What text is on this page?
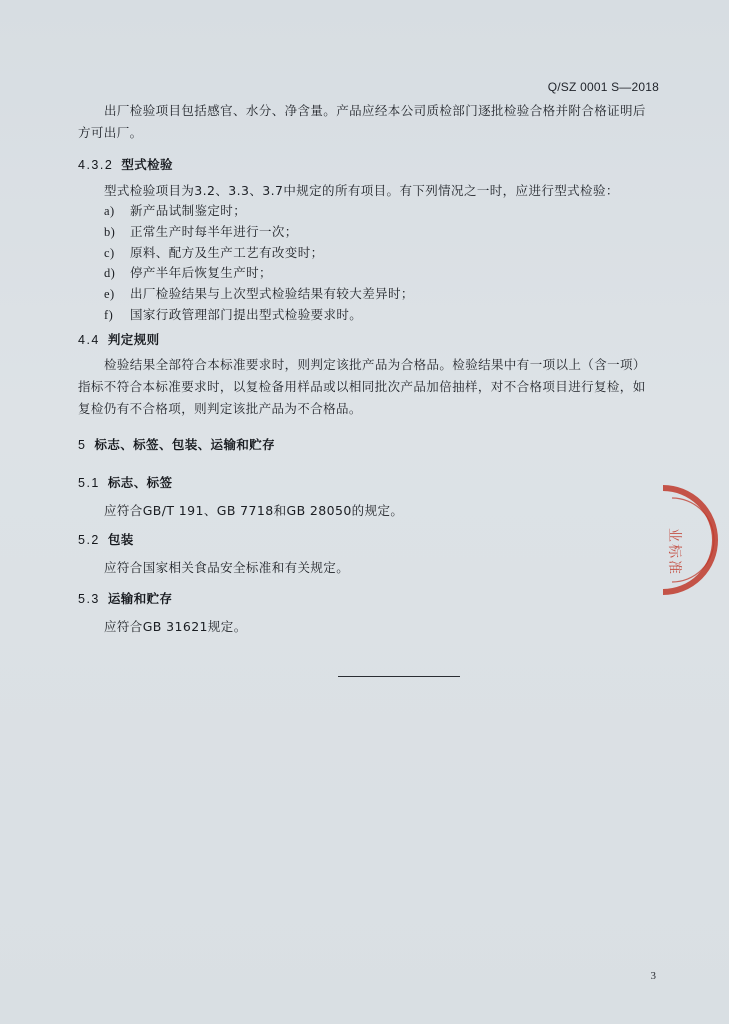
Q/SZ 0001 S—2018

出厂检验项目包括感官、水分、净含量。产品应经本公司质检部门逐批检验合格并附合格证明后方可出厂。

4.3.2 型式检验

型式检验项目为3.2、3.3、3.7中规定的所有项目。有下列情况之一时，应进行型式检验：

a)	新产品试制鉴定时；
b)	正常生产时每半年进行一次；
c)	原料、配方及生产工艺有改变时；
d)	停产半年后恢复生产时；
e)	出厂检验结果与上次型式检验结果有较大差异时；
f)	国家行政管理部门提出型式检验要求时。
4.4 判定规则

检验结果全部符合本标准要求时，则判定该批产品为合格品。检验结果中有一项以上（含一项）指标不符合本标准要求时，以复检备用样品或以相同批次产品加倍抽样，对不合格项目进行复检，如复检仍有不合格项，则判定该批产品为不合格品。

5 标志、标签、包装、运输和贮存
5.1 标志、标签
应符合GB/T 191、GB 7718和GB 28050的规定。
5.2 包装
应符合国家相关食品安全标准和有关规定。
5.3 运输和贮存
应符合GB 31621规定。
业
标
准
3
